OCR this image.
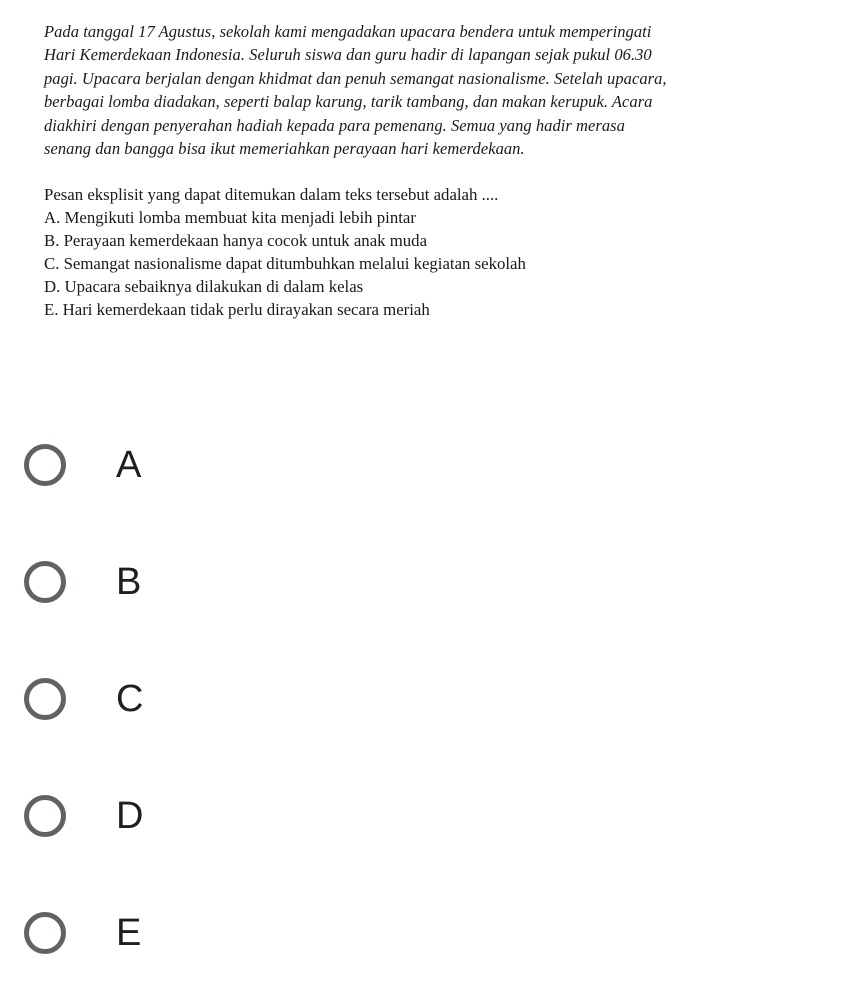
Pada tanggal 17 Agustus, sekolah kami mengadakan upacara bendera untuk memperingati
Hari Kemerdekaan Indonesia. Seluruh siswa dan guru hadir di lapangan sejak pukul 06.30
pagi. Upacara berjalan dengan khidmat dan penuh semangat nasionalisme. Setelah upacara,
berbagai lomba diadakan, seperti balap karung, tarik tambang, dan makan kerupuk. Acara
diakhiri dengan penyerahan hadiah kepada para pemenang. Semua yang hadir merasa
senang dan bangga bisa ikut memeriahkan perayaan hari kemerdekaan.

Pesan eksplisit yang dapat ditemukan dalam teks tersebut adalah ....
A. Mengikuti lomba membuat kita menjadi lebih pintar
B. Perayaan kemerdekaan hanya cocok untuk anak muda
C. Semangat nasionalisme dapat ditumbuhkan melalui kegiatan sekolah
D. Upacara sebaiknya dilakukan di dalam kelas
E. Hari kemerdekaan tidak perlu dirayakan secara meriah
A
B
C
D
E
